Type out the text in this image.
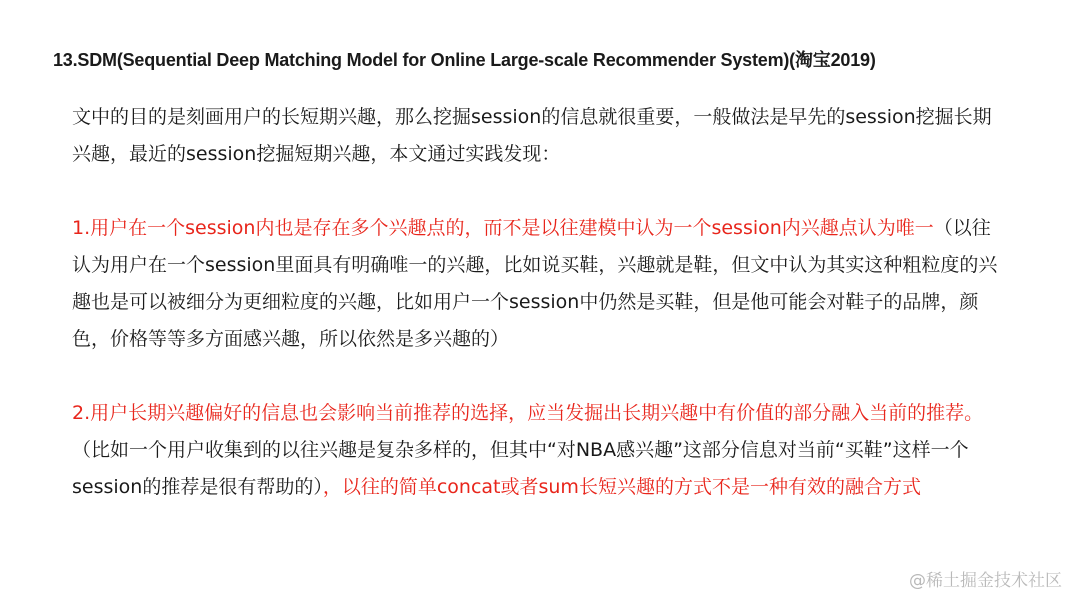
13.SDM(Sequential Deep Matching Model for Online Large-scale Recommender System)(淘宝2019)

文中的目的是刻画用户的长短期兴趣，那么挖掘session的信息就很重要，一般做法是早先的session挖掘长期兴趣，最近的session挖掘短期兴趣，本文通过实践发现：

1.用户在一个session内也是存在多个兴趣点的，而不是以往建模中认为一个session内兴趣点认为唯一（以往认为用户在一个session里面具有明确唯一的兴趣，比如说买鞋，兴趣就是鞋，但文中认为其实这种粗粒度的兴趣也是可以被细分为更细粒度的兴趣，比如用户一个session中仍然是买鞋，但是他可能会对鞋子的品牌，颜色，价格等等多方面感兴趣，所以依然是多兴趣的）

2.用户长期兴趣偏好的信息也会影响当前推荐的选择，应当发掘出长期兴趣中有价值的部分融入当前的推荐。（比如一个用户收集到的以往兴趣是复杂多样的，但其中“对NBA感兴趣”这部分信息对当前“买鞋”这样一个session的推荐是很有帮助的），以往的简单concat或者sum长短兴趣的方式不是一种有效的融合方式

@稀土掘金技术社区
